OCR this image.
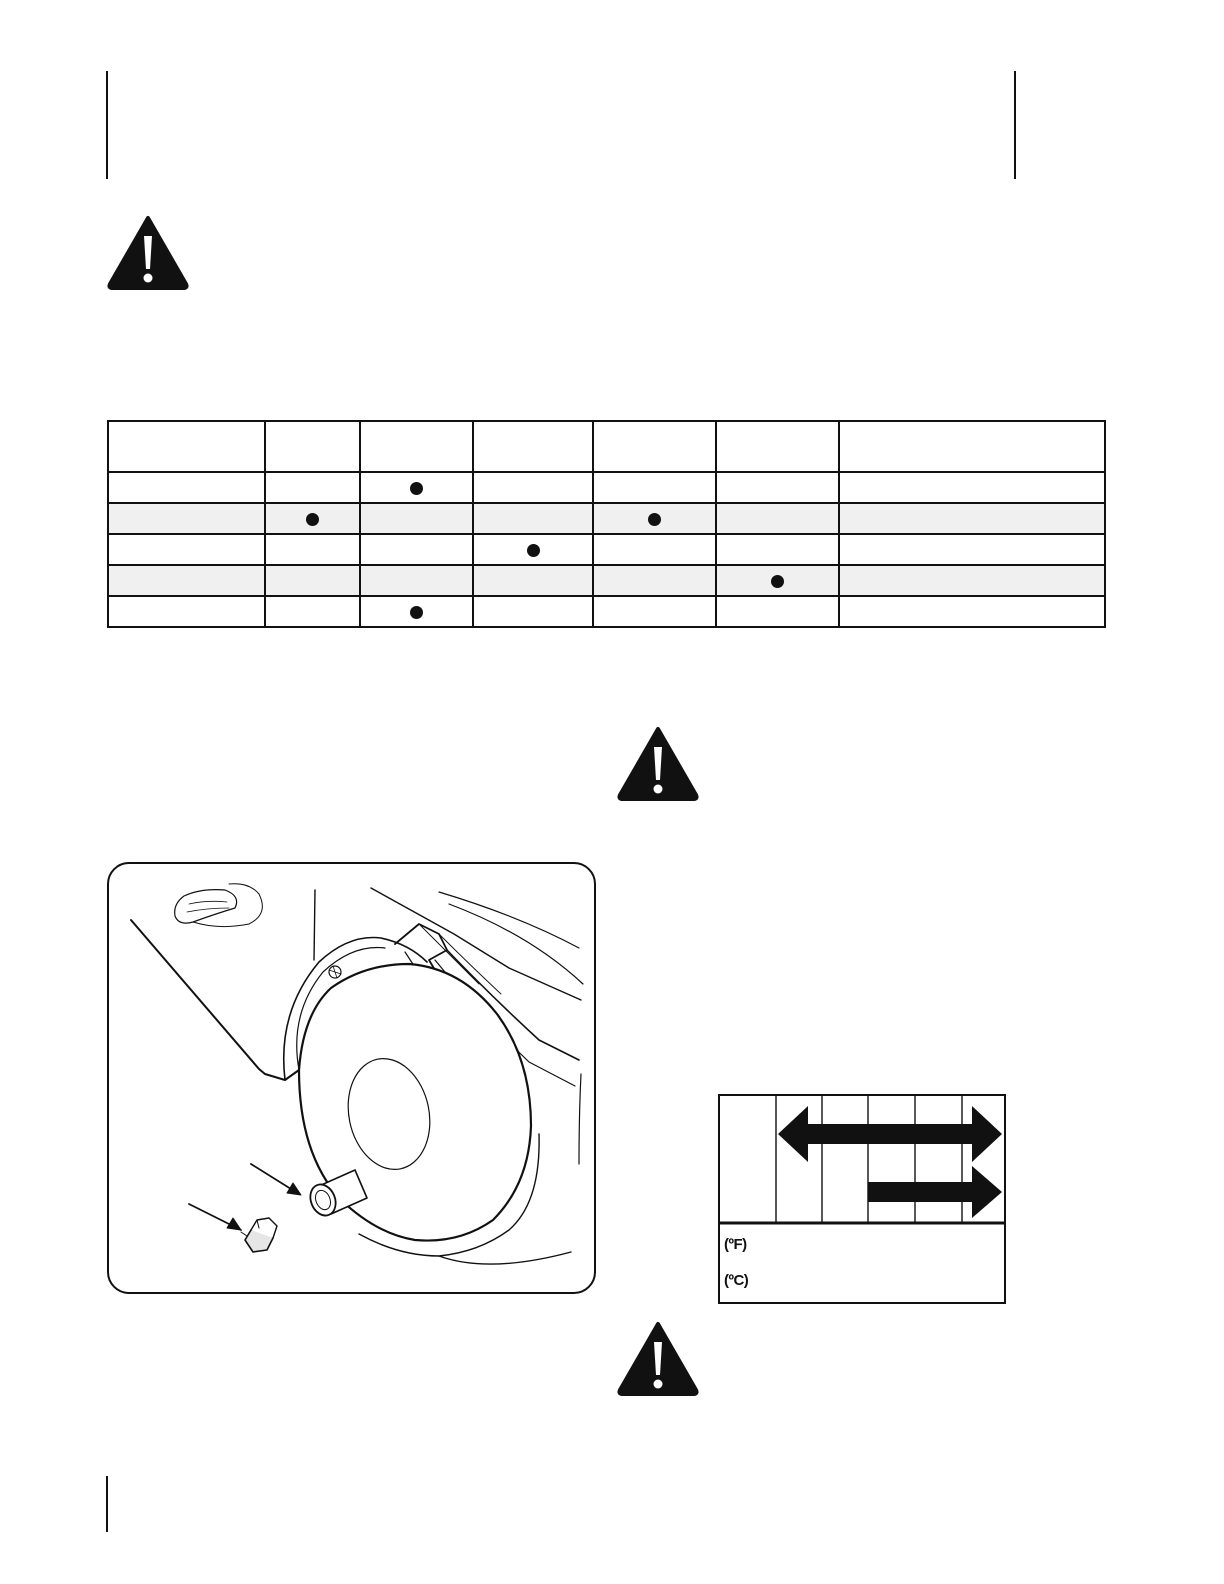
(ºF)
(ºC)
